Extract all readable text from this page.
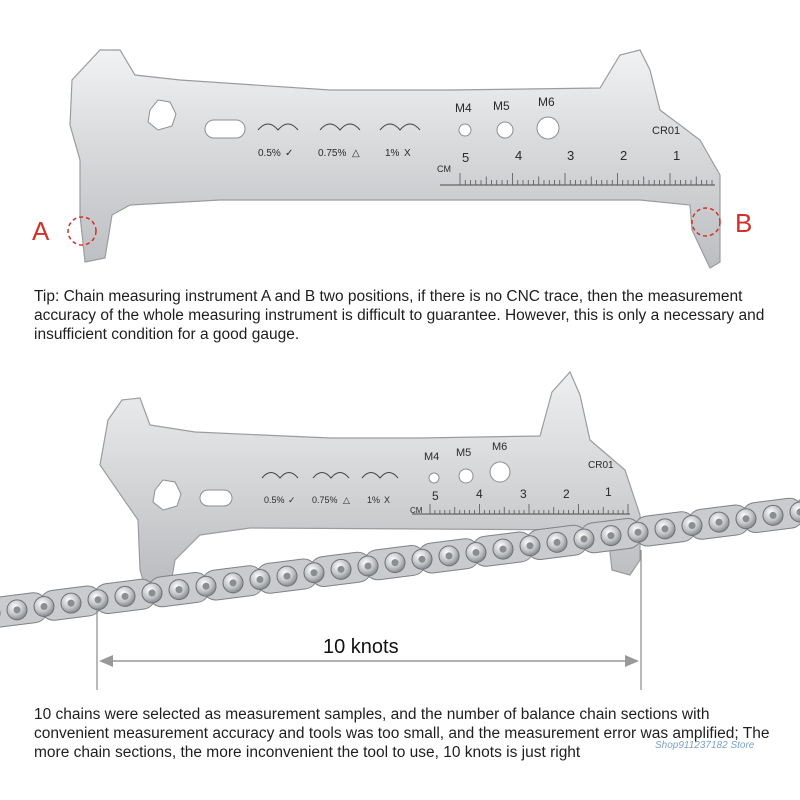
M4 M5 M6
CR01
0.5% ✓ 0.75% △	1% X
CM
5	4	3	2	1
A	B
Tip: Chain measuring instrument A and B two positions, if there is no CNC trace, then the measurement accuracy of the whole measuring instrument is difficult to guarantee. However, this is only a necessary and insufficient condition for a good gauge.
M4 M5 M6
CR01
0.5% ✓ 0.75% △ 1% X
CM
5	4	3	2	1
10 knots
10 chains were selected as measurement samples, and the number of balance chain sections with convenient measurement accuracy and tools was too small, and the measurement error was amplified; The more chain sections, the more inconvenient the tool to use, 10 knots is just right	Shop911237182 Store
